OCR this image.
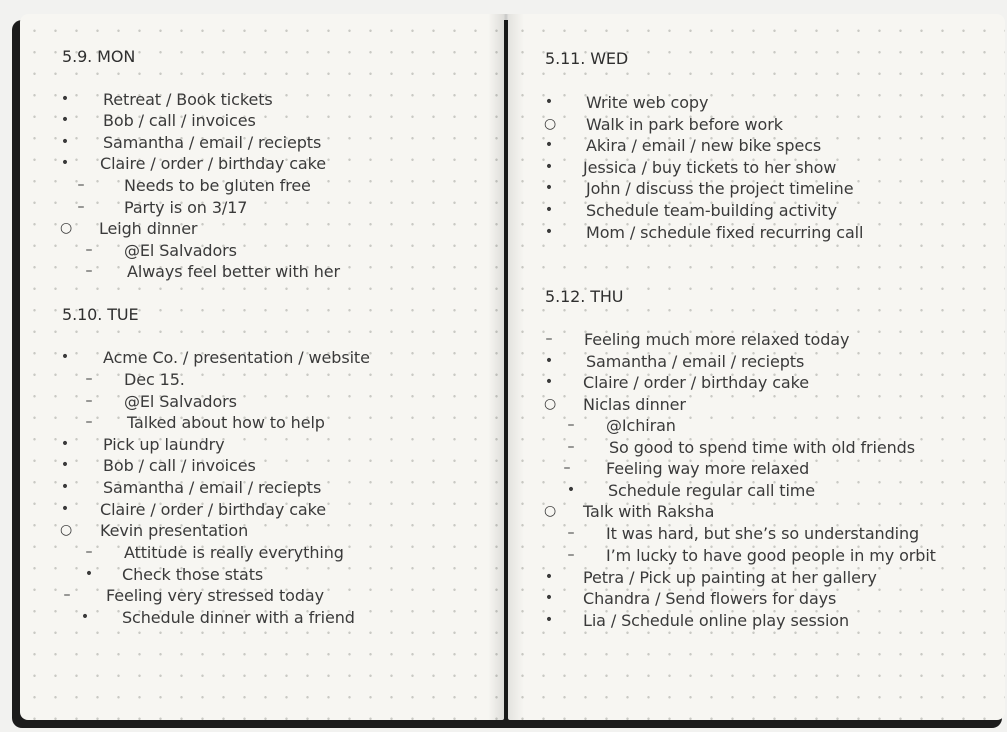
5.9. MON
• Retreat / Book tickets
• Bob / call / invoices
• Samantha / email / reciepts
• Claire / order / birthday cake
– Needs to be gluten free
– Party is on 3/17
○ Leigh dinner
– @El Salvadors
– Always feel better with her
5.10. TUE
• Acme Co. / presentation / website
– Dec 15.
– @El Salvadors
– Talked about how to help
• Pick up laundry
• Bob / call / invoices
• Samantha / email / reciepts
• Claire / order / birthday cake
○ Kevin presentation
– Attitude is really everything
• Check those stats
– Feeling very stressed today
• Schedule dinner with a friend
5.11. WED
• Write web copy
○ Walk in park before work
• Akira / email / new bike specs
• Jessica / buy tickets to her show
• John / discuss the project timeline
• Schedule team-building activity
• Mom / schedule fixed recurring call
5.12. THU
– Feeling much more relaxed today
• Samantha / email / reciepts
• Claire / order / birthday cake
○ Niclas dinner
– @Ichiran
– So good to spend time with old friends
– Feeling way more relaxed
• Schedule regular call time
○ Talk with Raksha
– It was hard, but she’s so understanding
– I’m lucky to have good people in my orbit
• Petra / Pick up painting at her gallery
• Chandra / Send flowers for days
• Lia / Schedule online play session
